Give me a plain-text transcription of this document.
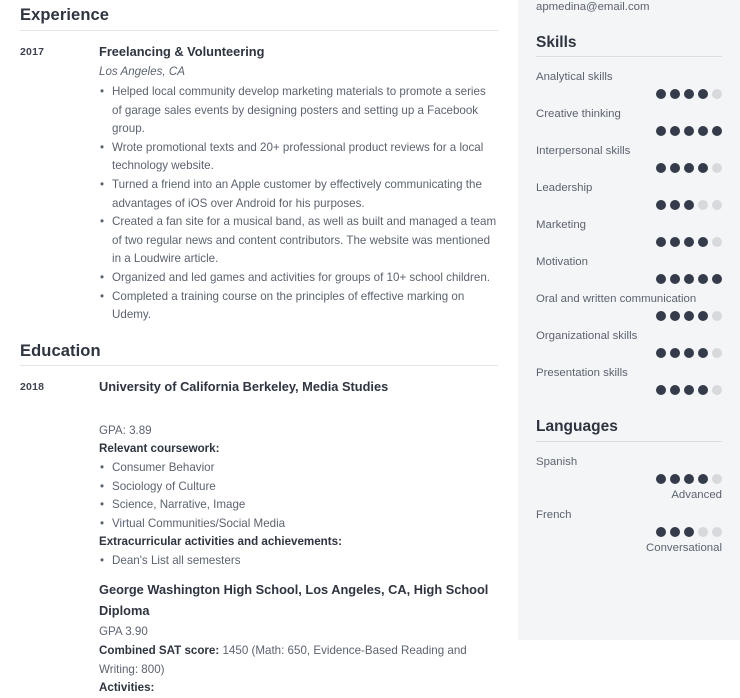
Experience
2017	Freelancing & Volunteering
Los Angeles, CA
• Helped local community develop marketing materials to promote a series of garage sales events by designing posters and setting up a Facebook group.
• Wrote promotional texts and 20+ professional product reviews for a local technology website.
• Turned a friend into an Apple customer by effectively communicating the advantages of iOS over Android for his purposes.
• Created a fan site for a musical band, as well as built and managed a team of two regular news and content contributors. The website was mentioned in a Loudwire article.
• Organized and led games and activities for groups of 10+ school children.
• Completed a training course on the principles of effective marking on Udemy.
Education
2018	University of California Berkeley, Media Studies
GPA: 3.89
Relevant coursework:
• Consumer Behavior
• Sociology of Culture
• Science, Narrative, Image
• Virtual Communities/Social Media
Extracurricular activities and achievements:
• Dean's List all semesters
George Washington High School, Los Angeles, CA, High School Diploma
GPA 3.90
Combined SAT score: 1450 (Math: 650, Evidence-Based Reading and Writing: 800)
Activities:
apmedina@email.com
Skills
Analytical skills
Creative thinking
Interpersonal skills
Leadership
Marketing
Motivation
Oral and written communication
Organizational skills
Presentation skills
Languages
Spanish
Advanced
French
Conversational
